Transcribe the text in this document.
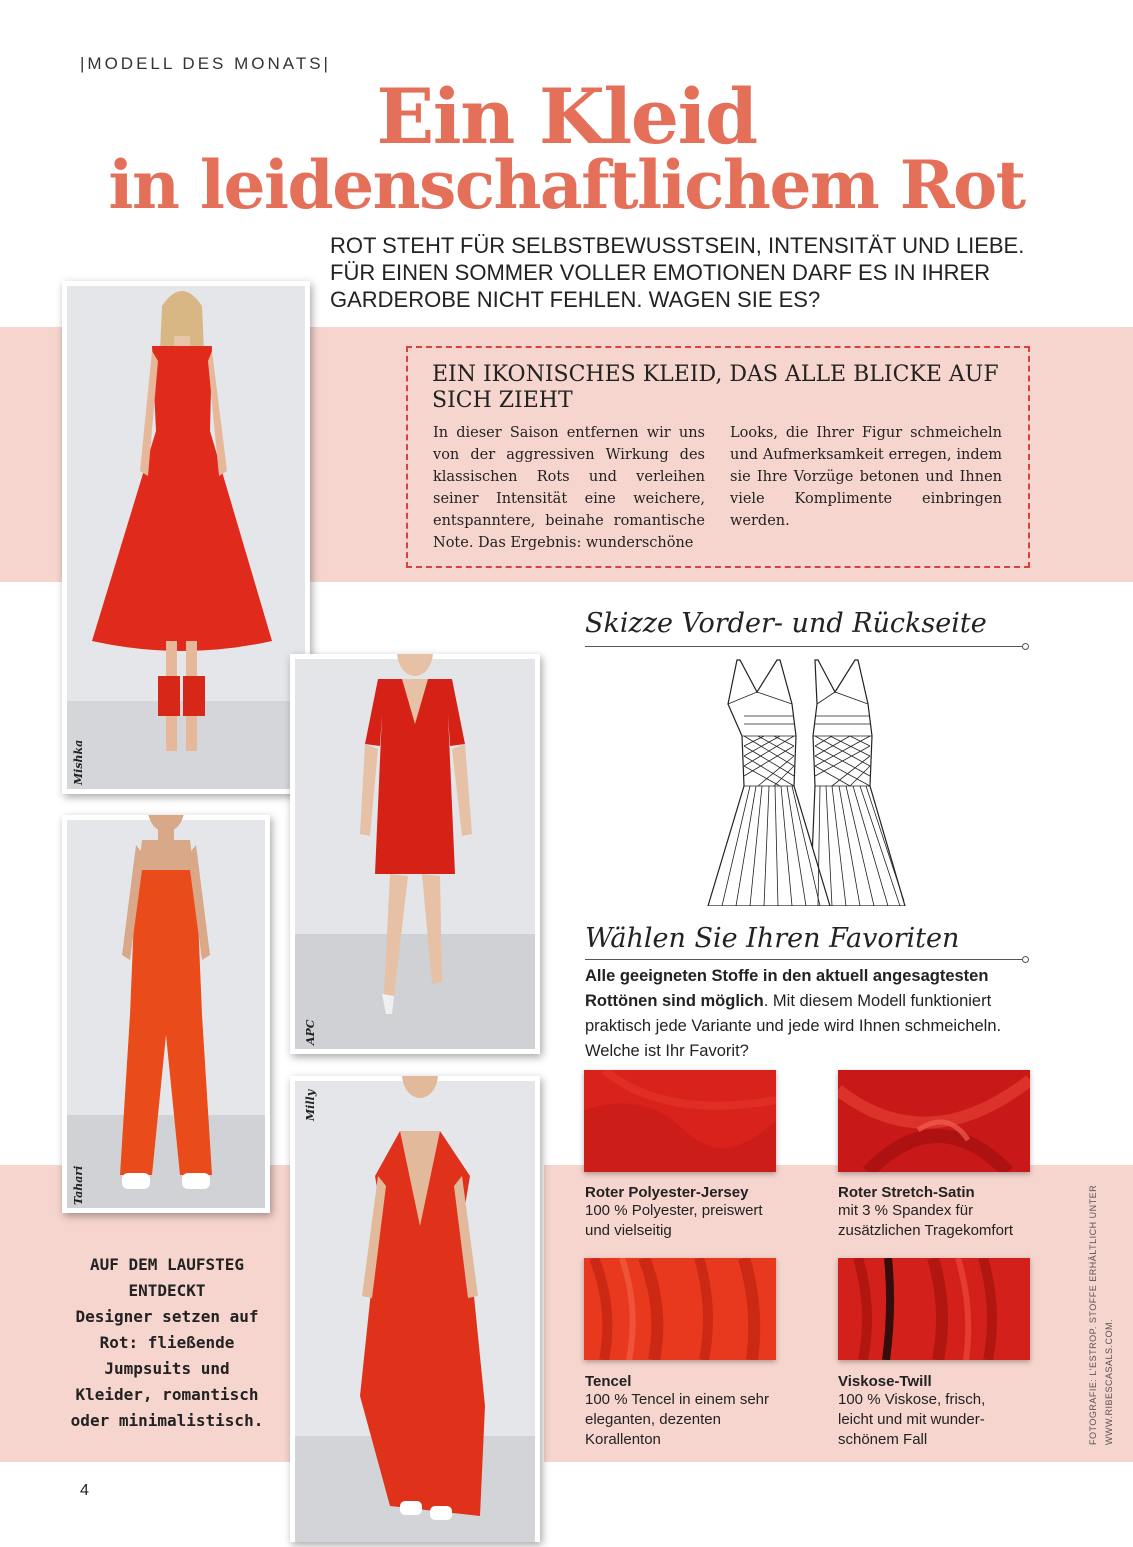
|MODELL DES MONATS|
Ein Kleid
in leidenschaftlichem Rot
ROT STEHT FÜR SELBSTBEWUSSTSEIN, INTENSITÄT UND LIEBE. FÜR EINEN SOMMER VOLLER EMOTIONEN DARF ES IN IHRER GARDEROBE NICHT FEHLEN. WAGEN SIE ES?
EIN IKONISCHES KLEID, DAS ALLE BLICKE AUF SICH ZIEHT
In dieser Saison entfernen wir uns von der aggressiven Wirkung des klassischen Rots und verleihen seiner Intensität eine weichere, entspanntere, beinahe romantische Note. Das Ergebnis: wunderschöne
Looks, die Ihrer Figur schmeicheln und Aufmerksamkeit erregen, indem sie Ihre Vorzüge betonen und Ihnen viele Komplimente einbringen werden.
Mishka
Tahari
APC
Milly
AUF DEM LAUFSTEG ENTDECKT
Designer setzen auf Rot: fließende Jumpsuits und Kleider, romantisch oder minimalistisch.
Skizze Vorder- und Rückseite
Wählen Sie Ihren Favoriten
Alle geeigneten Stoffe in den aktuell angesagtesten Rottönen sind möglich. Mit diesem Modell funktioniert praktisch jede Variante und jede wird Ihnen schmeicheln. Welche ist Ihr Favorit?
Roter Polyester-Jersey
100 % Polyester, preiswert und vielseitig
Roter Stretch-Satin
mit 3 % Spandex für zusätzlichen Tragekomfort
Tencel
100 % Tencel in einem sehr eleganten, dezenten Korallenton
Viskose-Twill
100 % Viskose, frisch, leicht und mit wunder-schönem Fall	FOTOGRAFIE: L'ESTROP. STOFFE ERHÄLTLICH UNTER WWW.RIBESCASALS.COM.
4
